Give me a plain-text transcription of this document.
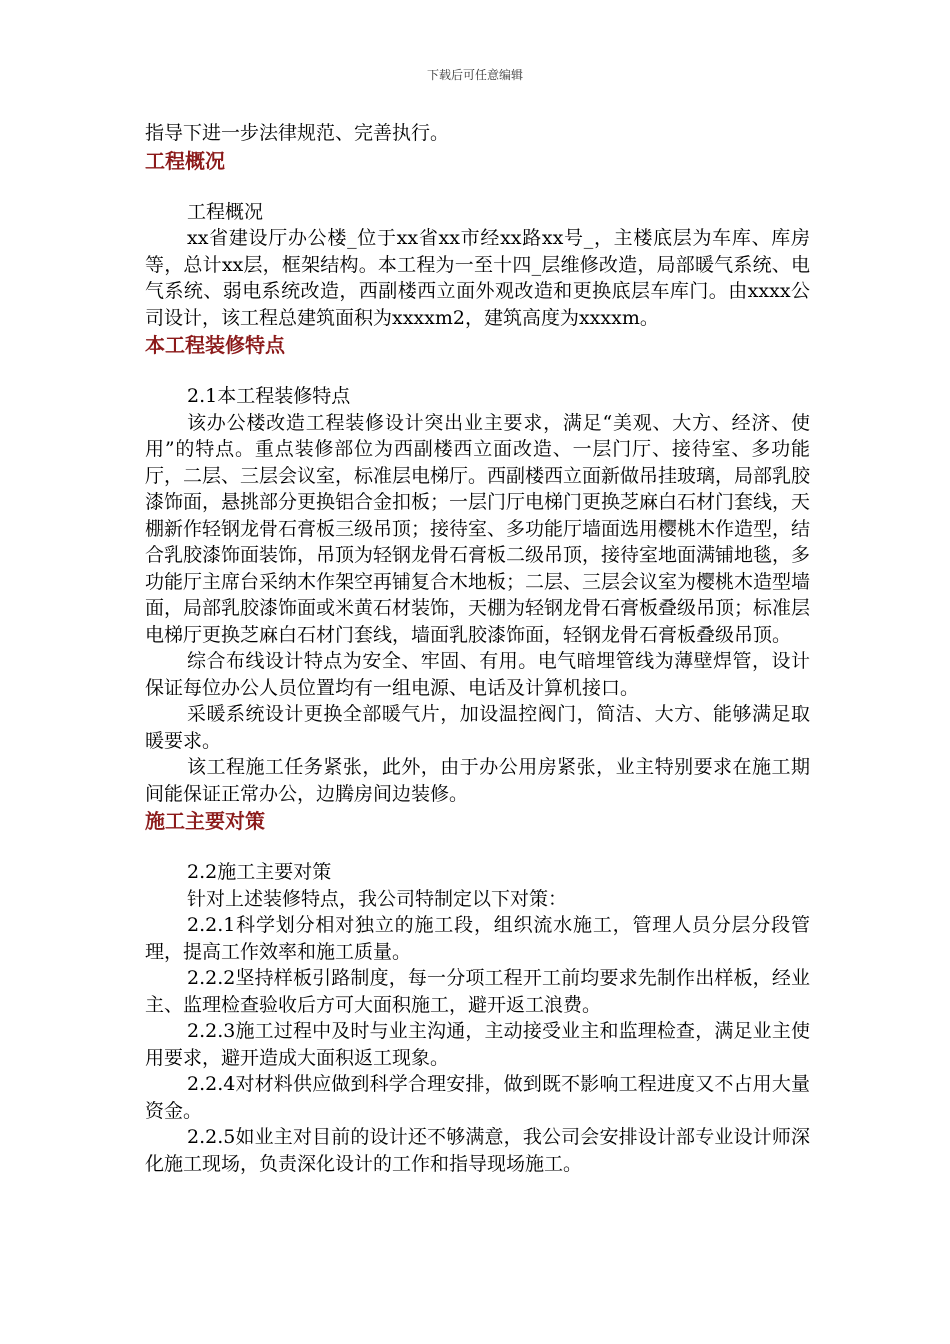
下载后可任意编辑

指导下进一步法律规范、完善执行。

工程概况

工程概况

xx省建设厅办公楼_位于xx省xx市经xx路xx号_，主楼底层为车库、库房等，总计xx层，框架结构。本工程为一至十四_层维修改造，局部暖气系统、电气系统、弱电系统改造，西副楼西立面外观改造和更换底层车库门。由xxxx公司设计，该工程总建筑面积为xxxxm2，建筑高度为xxxxm。

本工程装修特点

2.1本工程装修特点

该办公楼改造工程装修设计突出业主要求，满足“美观、大方、经济、使用”的特点。重点装修部位为西副楼西立面改造、一层门厅、接待室、多功能厅，二层、三层会议室，标准层电梯厅。西副楼西立面新做吊挂玻璃，局部乳胶漆饰面，悬挑部分更换铝合金扣板；一层门厅电梯门更换芝麻白石材门套线，天棚新作轻钢龙骨石膏板三级吊顶；接待室、多功能厅墙面选用樱桃木作造型，结合乳胶漆饰面装饰，吊顶为轻钢龙骨石膏板二级吊顶，接待室地面满铺地毯，多功能厅主席台采纳木作架空再铺复合木地板；二层、三层会议室为樱桃木造型墙面，局部乳胶漆饰面或米黄石材装饰，天棚为轻钢龙骨石膏板叠级吊顶；标准层电梯厅更换芝麻白石材门套线，墙面乳胶漆饰面，轻钢龙骨石膏板叠级吊顶。

综合布线设计特点为安全、牢固、有用。电气暗埋管线为薄壁焊管，设计保证每位办公人员位置均有一组电源、电话及计算机接口。

采暖系统设计更换全部暖气片，加设温控阀门，简洁、大方、能够满足取暖要求。

该工程施工任务紧张，此外，由于办公用房紧张，业主特别要求在施工期间能保证正常办公，边腾房间边装修。

施工主要对策

2.2施工主要对策

针对上述装修特点，我公司特制定以下对策：

2.2.1科学划分相对独立的施工段，组织流水施工，管理人员分层分段管理，提高工作效率和施工质量。

2.2.2坚持样板引路制度，每一分项工程开工前均要求先制作出样板，经业主、监理检查验收后方可大面积施工，避开返工浪费。

2.2.3施工过程中及时与业主沟通，主动接受业主和监理检查，满足业主使用要求，避开造成大面积返工现象。

2.2.4对材料供应做到科学合理安排，做到既不影响工程进度又不占用大量资金。

2.2.5如业主对目前的设计还不够满意，我公司会安排设计部专业设计师深化施工现场，负责深化设计的工作和指导现场施工。
